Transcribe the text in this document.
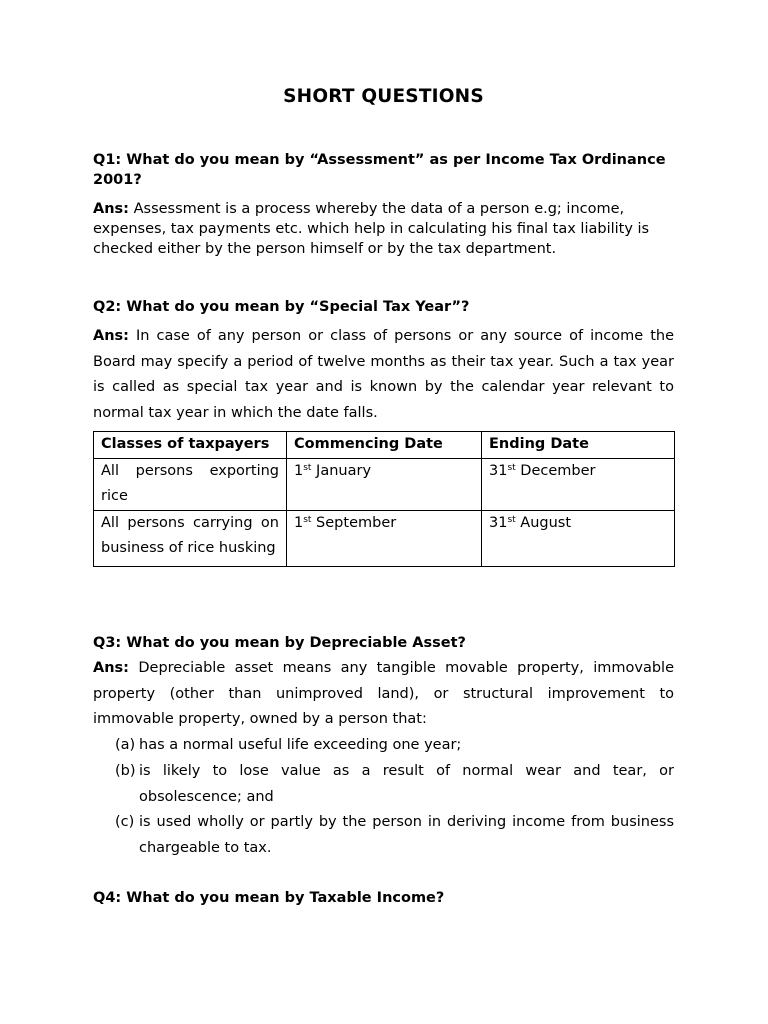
SHORT QUESTIONS

Q1: What do you mean by “Assessment” as per Income Tax Ordinance 2001?

Ans: Assessment is a process whereby the data of a person e.g; income, expenses, tax payments etc. which help in calculating his final tax liability is checked either by the person himself or by the tax department.

Q2: What do you mean by “Special Tax Year”?

Ans: In case of any person or class of persons or any source of income the Board may specify a period of twelve months as their tax year. Such a tax year is called as special tax year and is known by the calendar year relevant to normal tax year in which the date falls.

Classes of taxpayers	Commencing Date	Ending Date
All persons exporting rice	1st January	31st December
All persons carrying on business of rice husking	1st September	31st August

Q3: What do you mean by Depreciable Asset?

Ans: Depreciable asset means any tangible movable property, immovable property (other than unimproved land), or structural improvement to immovable property, owned by a person that:

(a) has a normal useful life exceeding one year;
(b) is likely to lose value as a result of normal wear and tear, or obsolescence; and
(c) is used wholly or partly by the person in deriving income from business chargeable to tax.

Q4: What do you mean by Taxable Income?
